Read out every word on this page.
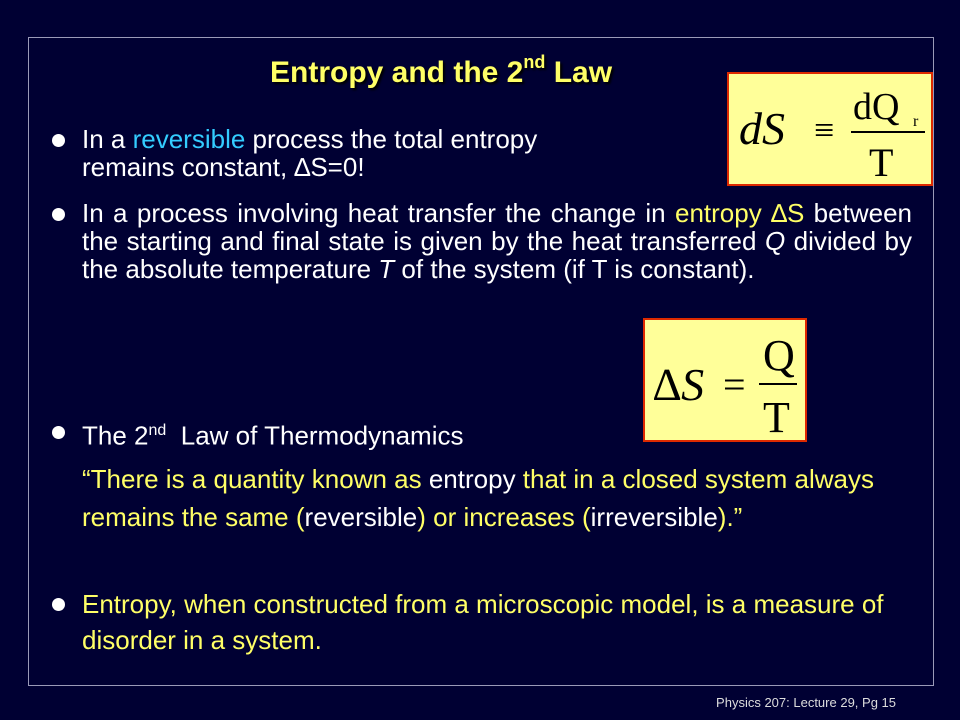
Entropy and the 2nd Law
dS ≡
dQ r
T
∆S =
Q
T

In a reversible process the total entropy
remains constant, ∆S=0!

In a process involving heat transfer the change in entropy ∆S between the starting and final state is given by the heat transferred Q divided by the absolute temperature T of the system (if T is constant).

The 2nd  Law of Thermodynamics

“There is a quantity known as entropy that in a closed system always remains the same (reversible) or increases (irreversible).”

Entropy, when constructed from a microscopic model, is a measure of disorder in a system.

Physics 207: Lecture 29, Pg 15
